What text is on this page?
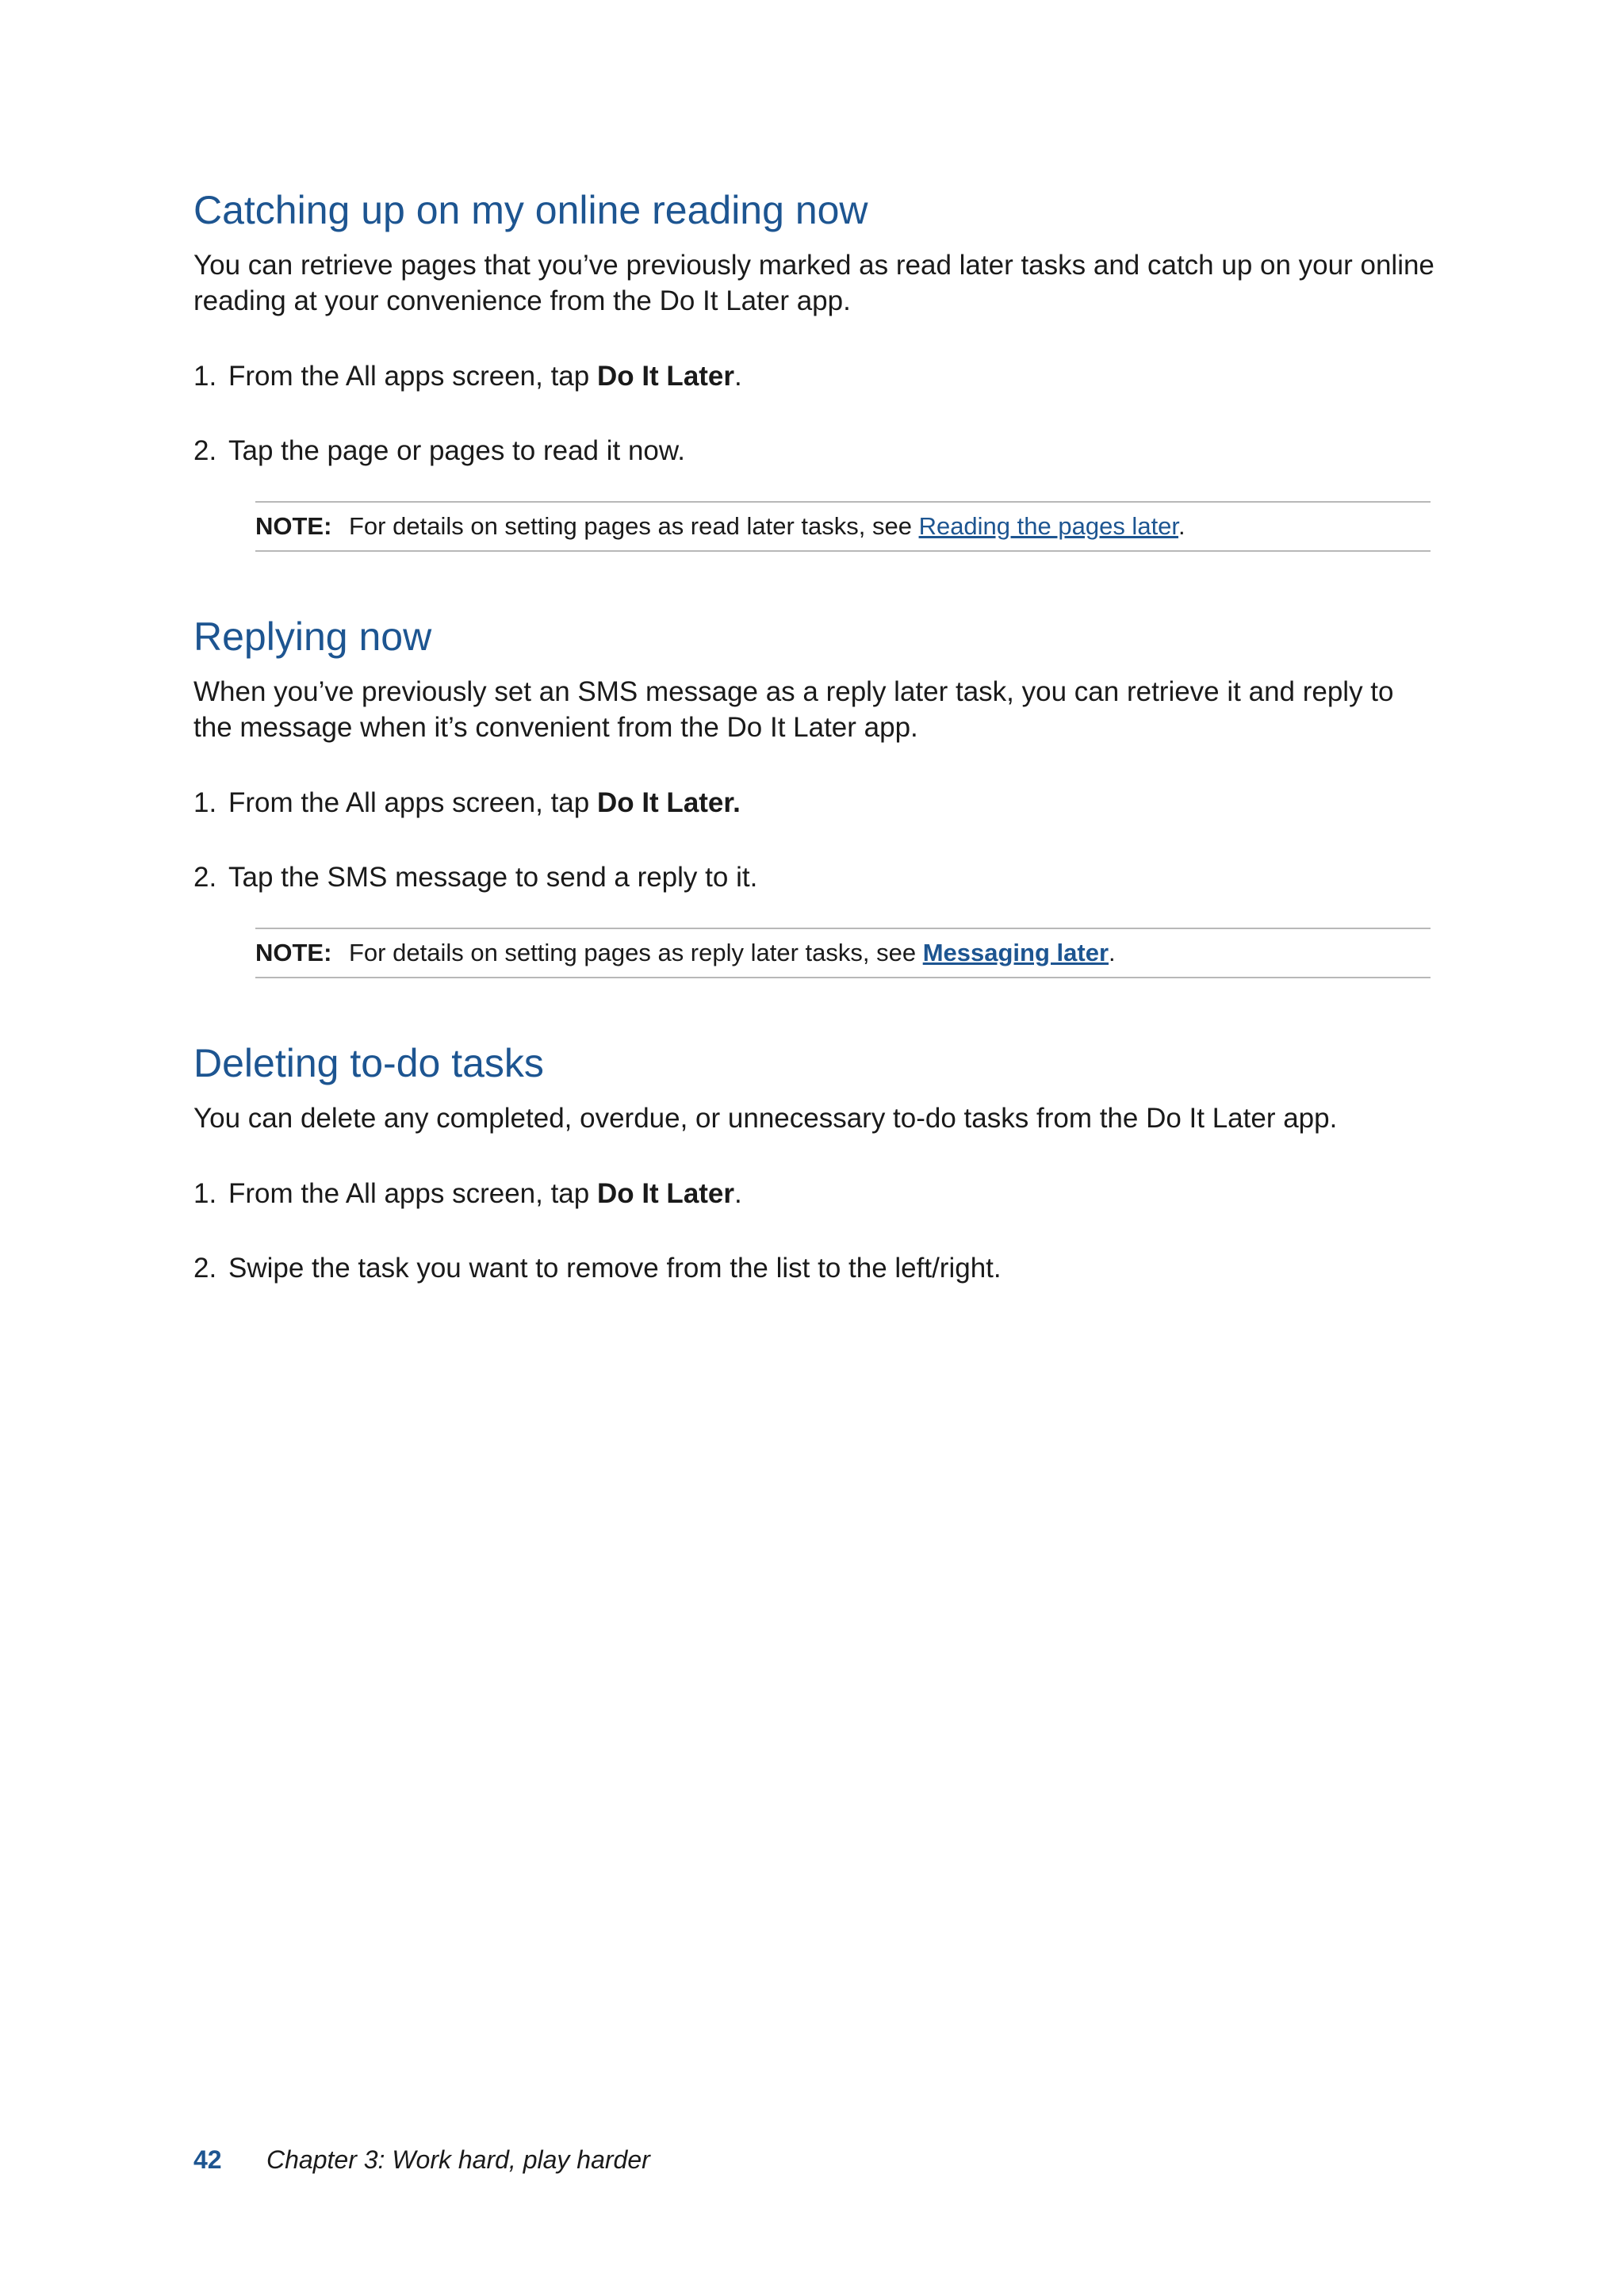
Catching up on my online reading now

You can retrieve pages that you’ve previously marked as read later tasks and catch up on your online reading at your convenience from the Do It Later app.

1. From the All apps screen, tap Do It Later.

2. Tap the page or pages to read it now.

NOTE: For details on setting pages as read later tasks, see Reading the pages later.
Replying now

When you’ve previously set an SMS message as a reply later task, you can retrieve it and reply to the message when it’s convenient from the Do It Later app.

1. From the All apps screen, tap Do It Later.

2. Tap the SMS message to send a reply to it.

NOTE: For details on setting pages as reply later tasks, see Messaging later.
Deleting to-do tasks

You can delete any completed, overdue, or unnecessary to-do tasks from the Do It Later app.

1. From the All apps screen, tap Do It Later.

2. Swipe the task you want to remove from the list to the left/right.

42 Chapter 3: Work hard, play harder
